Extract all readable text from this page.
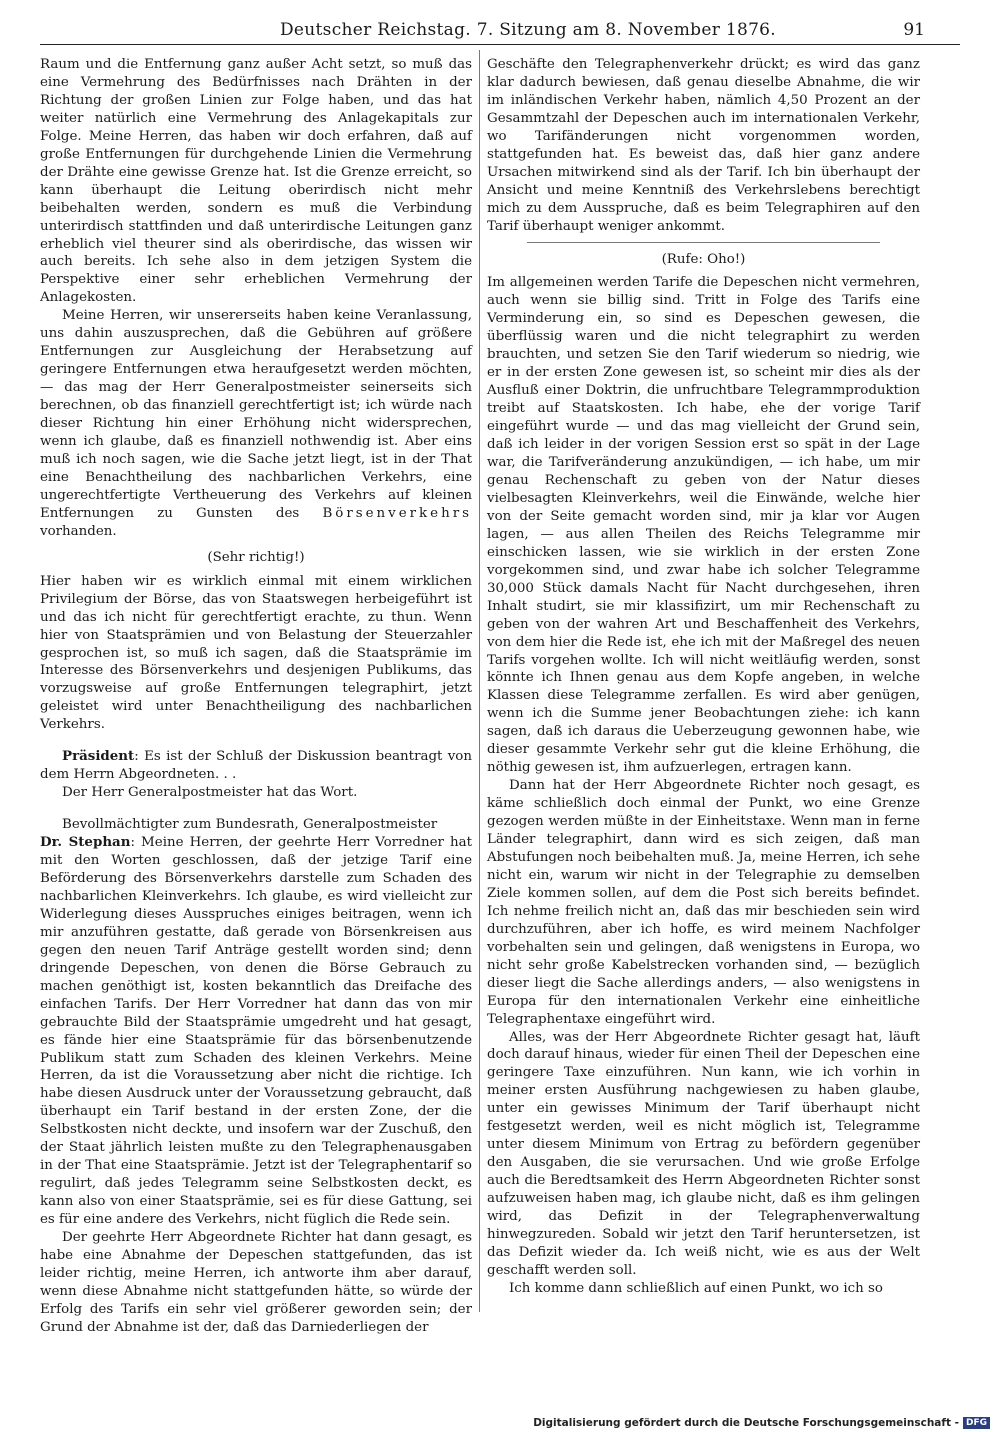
Deutscher Reichstag. 7. Sitzung am 8. November 1876.	91

Raum und die Entfernung ganz außer Acht setzt, so muß das eine Vermehrung des Bedürfnisses nach Drähten in der Richtung der großen Linien zur Folge haben, und das hat weiter natürlich eine Vermehrung des Anlagekapitals zur Folge. Meine Herren, das haben wir doch erfahren, daß auf große Entfernungen für durchgehende Linien die Vermehrung der Drähte eine gewisse Grenze hat. Ist die Grenze erreicht, so kann überhaupt die Leitung oberirdisch nicht mehr beibehalten werden, sondern es muß die Verbindung unterirdisch stattfinden und daß unterirdische Leitungen ganz erheblich viel theurer sind als oberirdische, das wissen wir auch bereits. Ich sehe also in dem jetzigen System die Perspektive einer sehr erheblichen Vermehrung der Anlagekosten.

Meine Herren, wir unsererseits haben keine Veranlassung, uns dahin auszusprechen, daß die Gebühren auf größere Entfernungen zur Ausgleichung der Herabsetzung auf geringere Entfernungen etwa heraufgesetzt werden möchten, — das mag der Herr Generalpostmeister seinerseits sich berechnen, ob das finanziell gerechtfertigt ist; ich würde nach dieser Richtung hin einer Erhöhung nicht widersprechen, wenn ich glaube, daß es finanziell nothwendig ist. Aber eins muß ich noch sagen, wie die Sache jetzt liegt, ist in der That eine Benachtheilung des nachbarlichen Verkehrs, eine ungerechtfertigte Vertheuerung des Verkehrs auf kleinen Entfernungen zu Gunsten des Börsenverkehrs vorhanden.

(Sehr richtig!)

Hier haben wir es wirklich einmal mit einem wirklichen Privilegium der Börse, das von Staatswegen herbeigeführt ist und das ich nicht für gerechtfertigt erachte, zu thun. Wenn hier von Staatsprämien und von Belastung der Steuerzahler gesprochen ist, so muß ich sagen, daß die Staatsprämie im Interesse des Börsenverkehrs und desjenigen Publikums, das vorzugsweise auf große Entfernungen telegraphirt, jetzt geleistet wird unter Benachtheiligung des nachbarlichen Verkehrs.

Präsident: Es ist der Schluß der Diskussion beantragt von dem Herrn Abgeordneten. . .

Der Herr Generalpostmeister hat das Wort.

Bevollmächtigter zum Bundesrath, Generalpostmeister

Dr. Stephan: Meine Herren, der geehrte Herr Vorredner hat mit den Worten geschlossen, daß der jetzige Tarif eine Beförderung des Börsenverkehrs darstelle zum Schaden des nachbarlichen Kleinverkehrs. Ich glaube, es wird vielleicht zur Widerlegung dieses Ausspruches einiges beitragen, wenn ich mir anzuführen gestatte, daß gerade von Börsenkreisen aus gegen den neuen Tarif Anträge gestellt worden sind; denn dringende Depeschen, von denen die Börse Gebrauch zu machen genöthigt ist, kosten bekanntlich das Dreifache des einfachen Tarifs. Der Herr Vorredner hat dann das von mir gebrauchte Bild der Staatsprämie umgedreht und hat gesagt, es fände hier eine Staatsprämie für das börsenbenutzende Publikum statt zum Schaden des kleinen Verkehrs. Meine Herren, da ist die Voraussetzung aber nicht die richtige. Ich habe diesen Ausdruck unter der Voraussetzung gebraucht, daß überhaupt ein Tarif bestand in der ersten Zone, der die Selbstkosten nicht deckte, und insofern war der Zuschuß, den der Staat jährlich leisten mußte zu den Telegraphenausgaben in der That eine Staatsprämie. Jetzt ist der Telegraphentarif so regulirt, daß jedes Telegramm seine Selbstkosten deckt, es kann also von einer Staatsprämie, sei es für diese Gattung, sei es für eine andere des Verkehrs, nicht füglich die Rede sein.

Der geehrte Herr Abgeordnete Richter hat dann gesagt, es habe eine Abnahme der Depeschen stattgefunden, das ist leider richtig, meine Herren, ich antworte ihm aber darauf, wenn diese Abnahme nicht stattgefunden hätte, so würde der Erfolg des Tarifs ein sehr viel größerer geworden sein; der Grund der Abnahme ist der, daß das Darniederliegen der

Geschäfte den Telegraphenverkehr drückt; es wird das ganz klar dadurch bewiesen, daß genau dieselbe Abnahme, die wir im inländischen Verkehr haben, nämlich 4,50 Prozent an der Gesammtzahl der Depeschen auch im internationalen Verkehr, wo Tarifänderungen nicht vorgenommen worden, stattgefunden hat. Es beweist das, daß hier ganz andere Ursachen mitwirkend sind als der Tarif. Ich bin überhaupt der Ansicht und meine Kenntniß des Verkehrslebens berechtigt mich zu dem Ausspruche, daß es beim Telegraphiren auf den Tarif überhaupt weniger ankommt.

(Rufe: Oho!)

Im allgemeinen werden Tarife die Depeschen nicht vermehren, auch wenn sie billig sind. Tritt in Folge des Tarifs eine Verminderung ein, so sind es Depeschen gewesen, die überflüssig waren und die nicht telegraphirt zu werden brauchten, und setzen Sie den Tarif wiederum so niedrig, wie er in der ersten Zone gewesen ist, so scheint mir dies als der Ausfluß einer Doktrin, die unfruchtbare Telegrammproduktion treibt auf Staatskosten. Ich habe, ehe der vorige Tarif eingeführt wurde — und das mag vielleicht der Grund sein, daß ich leider in der vorigen Session erst so spät in der Lage war, die Tarifveränderung anzukündigen, — ich habe, um mir genau Rechenschaft zu geben von der Natur dieses vielbesagten Kleinverkehrs, weil die Einwände, welche hier von der Seite gemacht worden sind, mir ja klar vor Augen lagen, — aus allen Theilen des Reichs Telegramme mir einschicken lassen, wie sie wirklich in der ersten Zone vorgekommen sind, und zwar habe ich solcher Telegramme 30,000 Stück damals Nacht für Nacht durchgesehen, ihren Inhalt studirt, sie mir klassifizirt, um mir Rechenschaft zu geben von der wahren Art und Beschaffenheit des Verkehrs, von dem hier die Rede ist, ehe ich mit der Maßregel des neuen Tarifs vorgehen wollte. Ich will nicht weitläufig werden, sonst könnte ich Ihnen genau aus dem Kopfe angeben, in welche Klassen diese Telegramme zerfallen. Es wird aber genügen, wenn ich die Summe jener Beobachtungen ziehe: ich kann sagen, daß ich daraus die Ueberzeugung gewonnen habe, wie dieser gesammte Verkehr sehr gut die kleine Erhöhung, die nöthig gewesen ist, ihm aufzuerlegen, ertragen kann.

Dann hat der Herr Abgeordnete Richter noch gesagt, es käme schließlich doch einmal der Punkt, wo eine Grenze gezogen werden müßte in der Einheitstaxe. Wenn man in ferne Länder telegraphirt, dann wird es sich zeigen, daß man Abstufungen noch beibehalten muß. Ja, meine Herren, ich sehe nicht ein, warum wir nicht in der Telegraphie zu demselben Ziele kommen sollen, auf dem die Post sich bereits befindet. Ich nehme freilich nicht an, daß das mir beschieden sein wird durchzuführen, aber ich hoffe, es wird meinem Nachfolger vorbehalten sein und gelingen, daß wenigstens in Europa, wo nicht sehr große Kabelstrecken vorhanden sind, — bezüglich dieser liegt die Sache allerdings anders, — also wenigstens in Europa für den internationalen Verkehr eine einheitliche Telegraphentaxe eingeführt wird.

Alles, was der Herr Abgeordnete Richter gesagt hat, läuft doch darauf hinaus, wieder für einen Theil der Depeschen eine geringere Taxe einzuführen. Nun kann, wie ich vorhin in meiner ersten Ausführung nachgewiesen zu haben glaube, unter ein gewisses Minimum der Tarif überhaupt nicht festgesetzt werden, weil es nicht möglich ist, Telegramme unter diesem Minimum von Ertrag zu befördern gegenüber den Ausgaben, die sie verursachen. Und wie große Erfolge auch die Beredtsamkeit des Herrn Abgeordneten Richter sonst aufzuweisen haben mag, ich glaube nicht, daß es ihm gelingen wird, das Defizit in der Telegraphenverwaltung hinwegzureden. Sobald wir jetzt den Tarif heruntersetzen, ist das Defizit wieder da. Ich weiß nicht, wie es aus der Welt geschafft werden soll.

Ich komme dann schließlich auf einen Punkt, wo ich so

Digitalisierung gefördert durch die Deutsche Forschungsgemeinschaft - DFG
